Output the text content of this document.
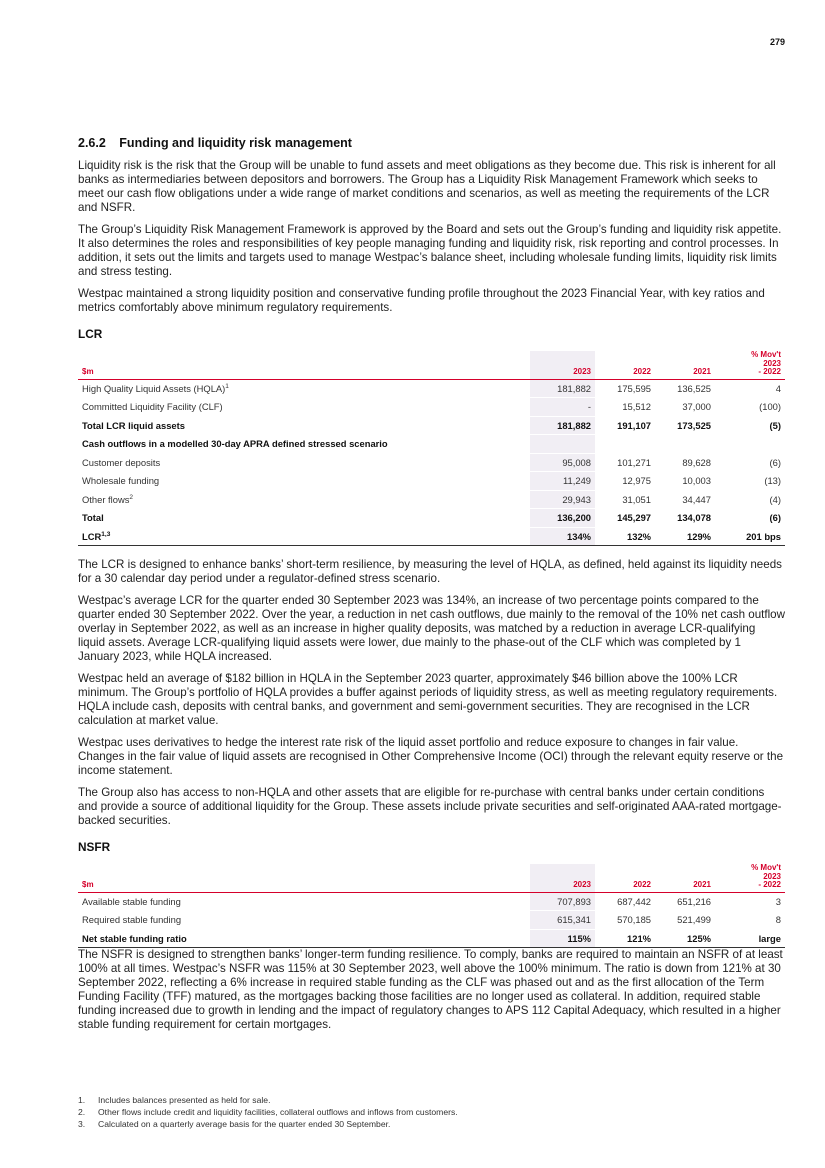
279
2.6.2 Funding and liquidity risk management

Liquidity risk is the risk that the Group will be unable to fund assets and meet obligations as they become due. This risk is inherent for all banks as intermediaries between depositors and borrowers. The Group has a Liquidity Risk Management Framework which seeks to meet our cash flow obligations under a wide range of market conditions and scenarios, as well as meeting the requirements of the LCR and NSFR.

The Group’s Liquidity Risk Management Framework is approved by the Board and sets out the Group’s funding and liquidity risk appetite. It also determines the roles and responsibilities of key people managing funding and liquidity risk, risk reporting and control processes. In addition, it sets out the limits and targets used to manage Westpac’s balance sheet, including wholesale funding limits, liquidity risk limits and stress testing.

Westpac maintained a strong liquidity position and conservative funding profile throughout the 2023 Financial Year, with key ratios and metrics comfortably above minimum regulatory requirements.

LCR
$m	2023	2022	2021	% Mov't
2023
- 2022
High Quality Liquid Assets (HQLA)$^1$	181,882	175,595	136,525	4
Committed Liquidity Facility (CLF)	-	15,512	37,000	(100)
Total LCR liquid assets	181,882	191,107	173,525	(5)
Cash outflows in a modelled 30-day APRA defined stressed scenario				
Customer deposits	95,008	101,271	89,628	(6)
Wholesale funding	11,249	12,975	10,003	(13)
Other flows$^2$	29,943	31,051	34,447	(4)
Total	136,200	145,297	134,078	(6)
LCR$^{1,3}$	134%	132%	129%	201 bps

The LCR is designed to enhance banks’ short-term resilience, by measuring the level of HQLA, as defined, held against its liquidity needs for a 30 calendar day period under a regulator-defined stress scenario.

Westpac’s average LCR for the quarter ended 30 September 2023 was 134%, an increase of two percentage points compared to the quarter ended 30 September 2022. Over the year, a reduction in net cash outflows, due mainly to the removal of the 10% net cash outflow overlay in September 2022, as well as an increase in higher quality deposits, was matched by a reduction in average LCR-qualifying liquid assets. Average LCR-qualifying liquid assets were lower, due mainly to the phase-out of the CLF which was completed by 1 January 2023, while HQLA increased.

Westpac held an average of $182 billion in HQLA in the September 2023 quarter, approximately $46 billion above the 100% LCR minimum. The Group’s portfolio of HQLA provides a buffer against periods of liquidity stress, as well as meeting regulatory requirements. HQLA include cash, deposits with central banks, and government and semi-government securities. They are recognised in the LCR calculation at market value.

Westpac uses derivatives to hedge the interest rate risk of the liquid asset portfolio and reduce exposure to changes in fair value. Changes in the fair value of liquid assets are recognised in Other Comprehensive Income (OCI) through the relevant equity reserve or the income statement.

The Group also has access to non-HQLA and other assets that are eligible for re-purchase with central banks under certain conditions and provide a source of additional liquidity for the Group. These assets include private securities and self-originated AAA-rated mortgage-backed securities.

NSFR
$m	2023	2022	2021	% Mov't
2023
- 2022
Available stable funding	707,893	687,442	651,216	3
Required stable funding	615,341	570,185	521,499	8
Net stable funding ratio	115%	121%	125%	large

The NSFR is designed to strengthen banks’ longer-term funding resilience. To comply, banks are required to maintain an NSFR of at least 100% at all times. Westpac’s NSFR was 115% at 30 September 2023, well above the 100% minimum. The ratio is down from 121% at 30 September 2022, reflecting a 6% increase in required stable funding as the CLF was phased out and as the first allocation of the Term Funding Facility (TFF) matured, as the mortgages backing those facilities are no longer used as collateral. In addition, required stable funding increased due to growth in lending and the impact of regulatory changes to APS 112 Capital Adequacy, which resulted in a higher stable funding requirement for certain mortgages.

1.	Includes balances presented as held for sale.
2.	Other flows include credit and liquidity facilities, collateral outflows and inflows from customers.
3.	Calculated on a quarterly average basis for the quarter ended 30 September.
